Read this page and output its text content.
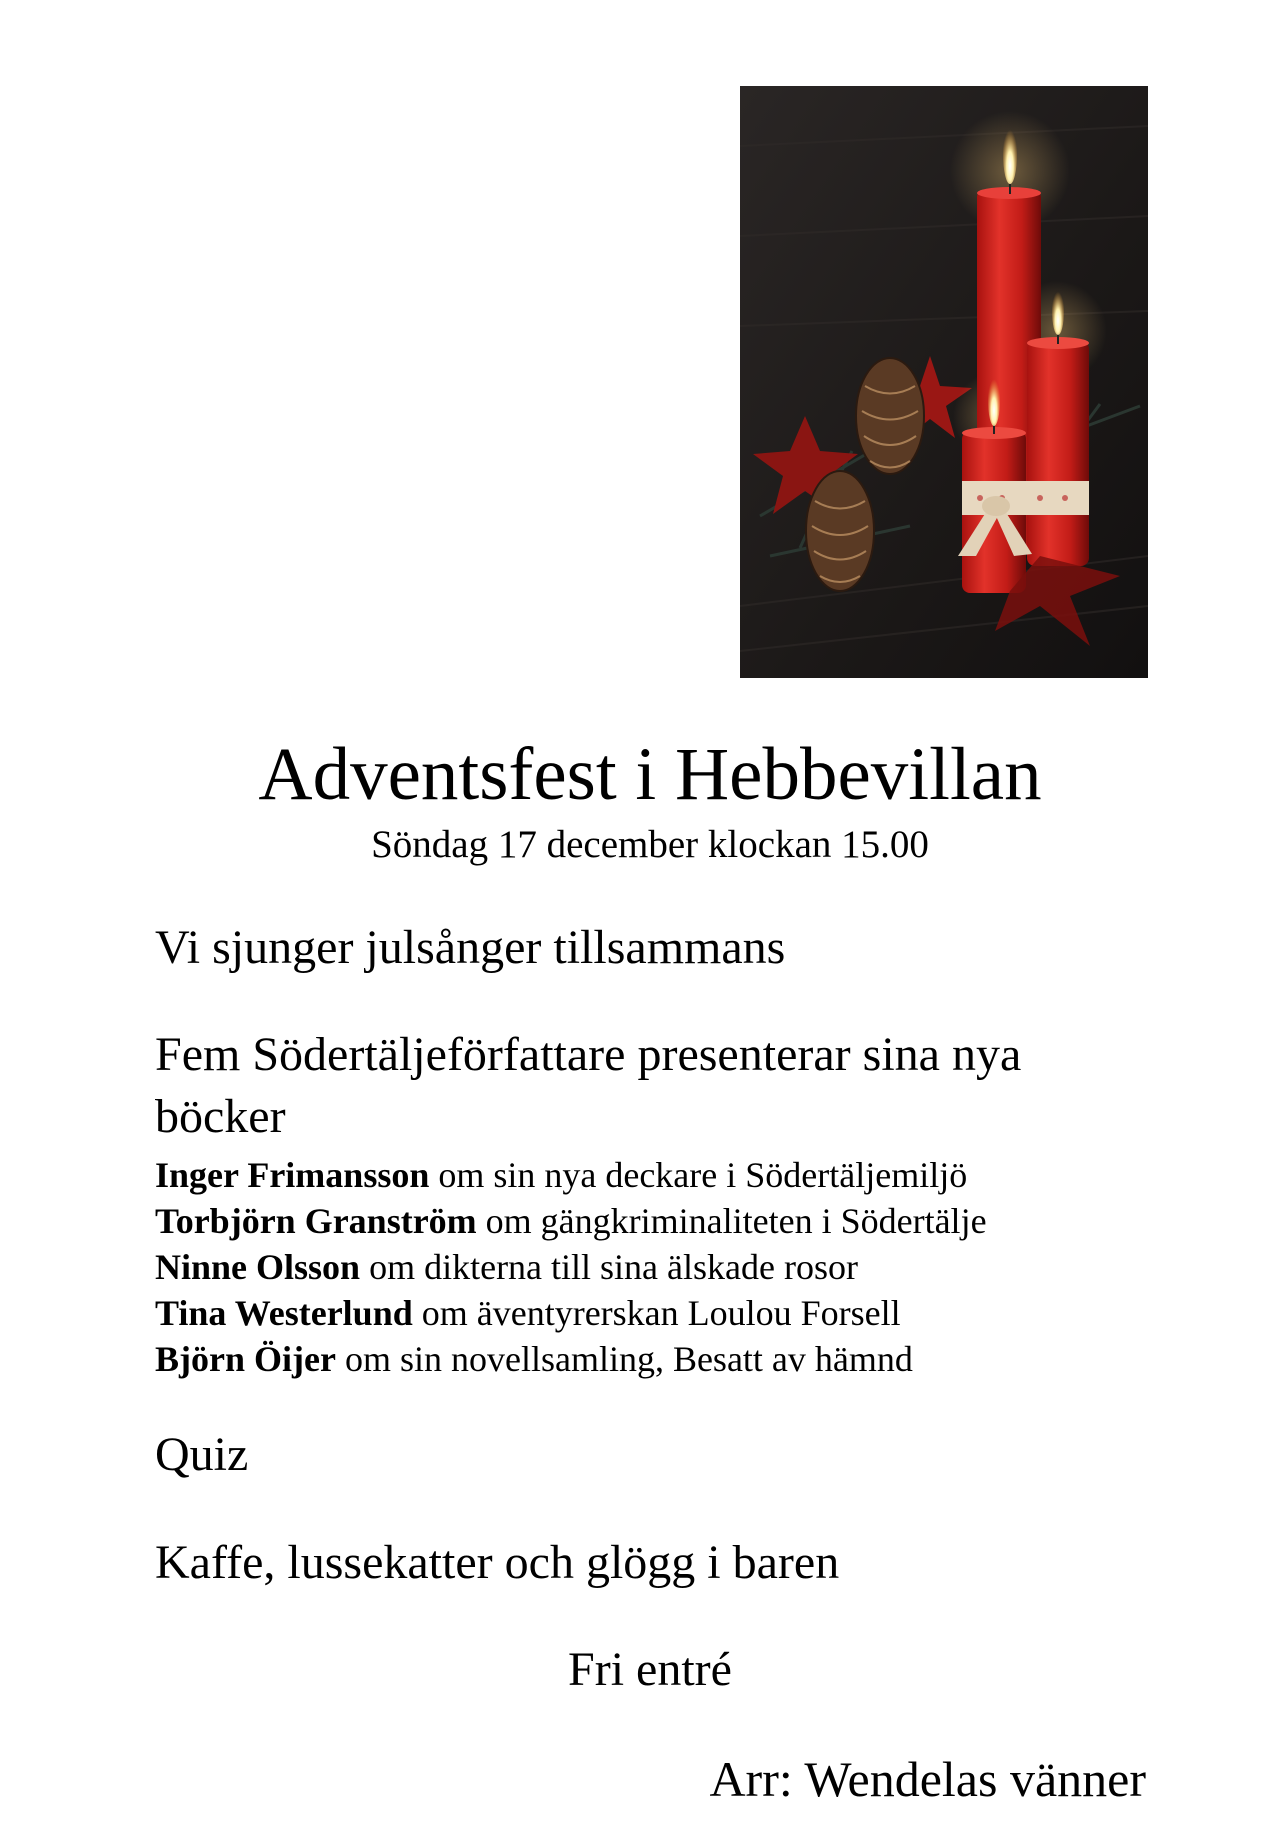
Adventsfest i Hebbevillan
Söndag 17 december klockan 15.00
Vi sjunger julsånger tillsammans
Fem Södertäljeförfattare presenterar sina nya
böcker
Inger Frimansson om sin nya deckare i Södertäljemiljö
Torbjörn Granström om gängkriminaliteten i Södertälje
Ninne Olsson om dikterna till sina älskade rosor
Tina Westerlund om äventyrerskan Loulou Forsell
Björn Öijer om sin novellsamling, Besatt av hämnd
Quiz
Kaffe, lussekatter och glögg i baren
Fri entré
Arr: Wendelas vänner
